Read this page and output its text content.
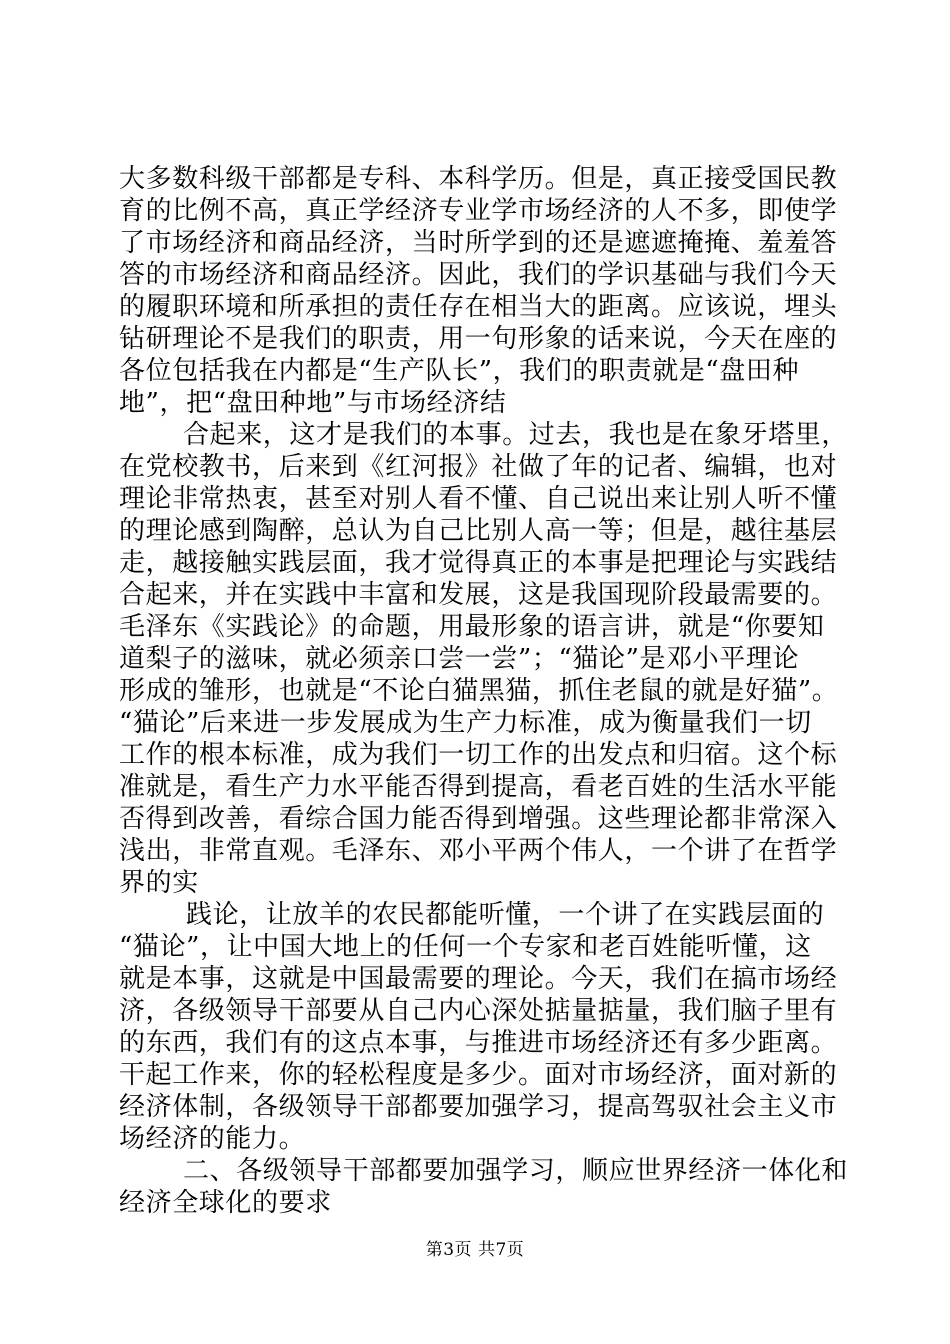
大多数科级干部都是专科、本科学历。但是，真正接受国民教
育的比例不高，真正学经济专业学市场经济的人不多，即使学
了市场经济和商品经济，当时所学到的还是遮遮掩掩、羞羞答
答的市场经济和商品经济。因此，我们的学识基础与我们今天
的履职环境和所承担的责任存在相当大的距离。应该说，埋头
钻研理论不是我们的职责，用一句形象的话来说，今天在座的
各位包括我在内都是“生产队长”，我们的职责就是“盘田种
地”，把“盘田种地”与市场经济结
合起来，这才是我们的本事。过去，我也是在象牙塔里，
在党校教书，后来到《红河报》社做了年的记者、编辑，也对
理论非常热衷，甚至对别人看不懂、自己说出来让别人听不懂
的理论感到陶醉，总认为自己比别人高一等；但是，越往基层
走，越接触实践层面，我才觉得真正的本事是把理论与实践结
合起来，并在实践中丰富和发展，这是我国现阶段最需要的。
毛泽东《实践论》的命题，用最形象的语言讲，就是“你要知
道梨子的滋味，就必须亲口尝一尝”；“猫论”是邓小平理论
形成的雏形，也就是“不论白猫黑猫，抓住老鼠的就是好猫”。
“猫论”后来进一步发展成为生产力标准，成为衡量我们一切
工作的根本标准，成为我们一切工作的出发点和归宿。这个标
准就是，看生产力水平能否得到提高，看老百姓的生活水平能
否得到改善，看综合国力能否得到增强。这些理论都非常深入
浅出，非常直观。毛泽东、邓小平两个伟人，一个讲了在哲学
界的实
践论，让放羊的农民都能听懂，一个讲了在实践层面的
“猫论”，让中国大地上的任何一个专家和老百姓能听懂，这
就是本事，这就是中国最需要的理论。今天，我们在搞市场经
济，各级领导干部要从自己内心深处掂量掂量，我们脑子里有
的东西，我们有的这点本事，与推进市场经济还有多少距离。
干起工作来，你的轻松程度是多少。面对市场经济，面对新的
经济体制，各级领导干部都要加强学习，提高驾驭社会主义市
场经济的能力。
二、各级领导干部都要加强学习，顺应世界经济一体化和
经济全球化的要求
第3页 共7页
